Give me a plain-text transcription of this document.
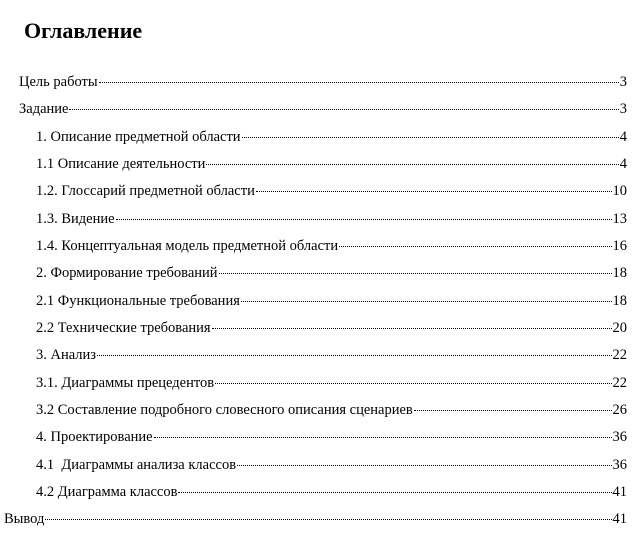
Оглавление
Цель работы	3
Задание	3
1. Описание предметной области	4
1.1 Описание деятельности	4
1.2. Глоссарий предметной области	10
1.3. Видение	13
1.4. Концептуальная модель предметной области	16
2. Формирование требований	18
2.1 Функциональные требования	18
2.2 Технические требования	20
3. Анализ	22
3.1. Диаграммы прецедентов	22
3.2 Составление подробного словесного описания сценариев	26
4. Проектирование	36
4.1  Диаграммы анализа классов	36
4.2 Диаграмма классов	41
Вывод	41
